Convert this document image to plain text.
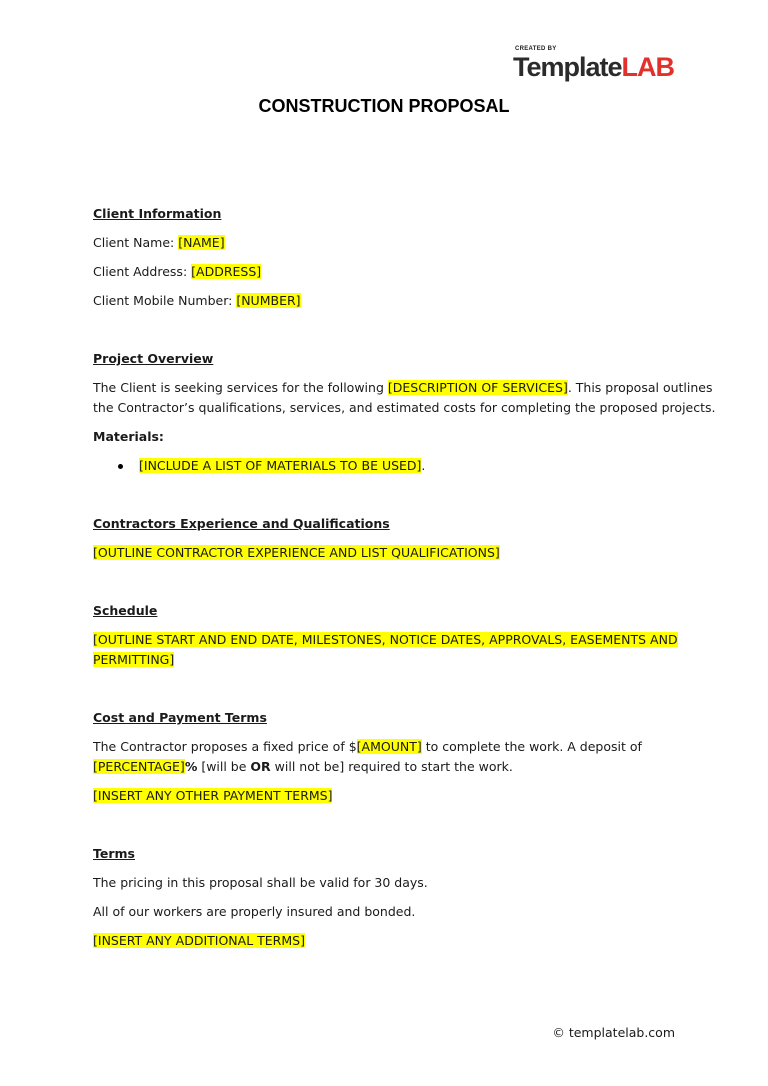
CREATED BY
TemplateLAB
CONSTRUCTION PROPOSAL
Client Information
Client Name: [NAME]
Client Address: [ADDRESS]
Client Mobile Number: [NUMBER]
Project Overview
The Client is seeking services for the following [DESCRIPTION OF SERVICES]. This proposal outlines
the Contractor’s qualifications, services, and estimated costs for completing the proposed projects.
Materials:
[INCLUDE A LIST OF MATERIALS TO BE USED].
Contractors Experience and Qualifications
[OUTLINE CONTRACTOR EXPERIENCE AND LIST QUALIFICATIONS]
Schedule
[OUTLINE START AND END DATE, MILESTONES, NOTICE DATES, APPROVALS, EASEMENTS AND
PERMITTING]
Cost and Payment Terms
The Contractor proposes a fixed price of $[AMOUNT] to complete the work. A deposit of
[PERCENTAGE]% [will be OR will not be] required to start the work.
[INSERT ANY OTHER PAYMENT TERMS]
Terms
The pricing in this proposal shall be valid for 30 days.
All of our workers are properly insured and bonded.
[INSERT ANY ADDITIONAL TERMS]
© templatelab.com
